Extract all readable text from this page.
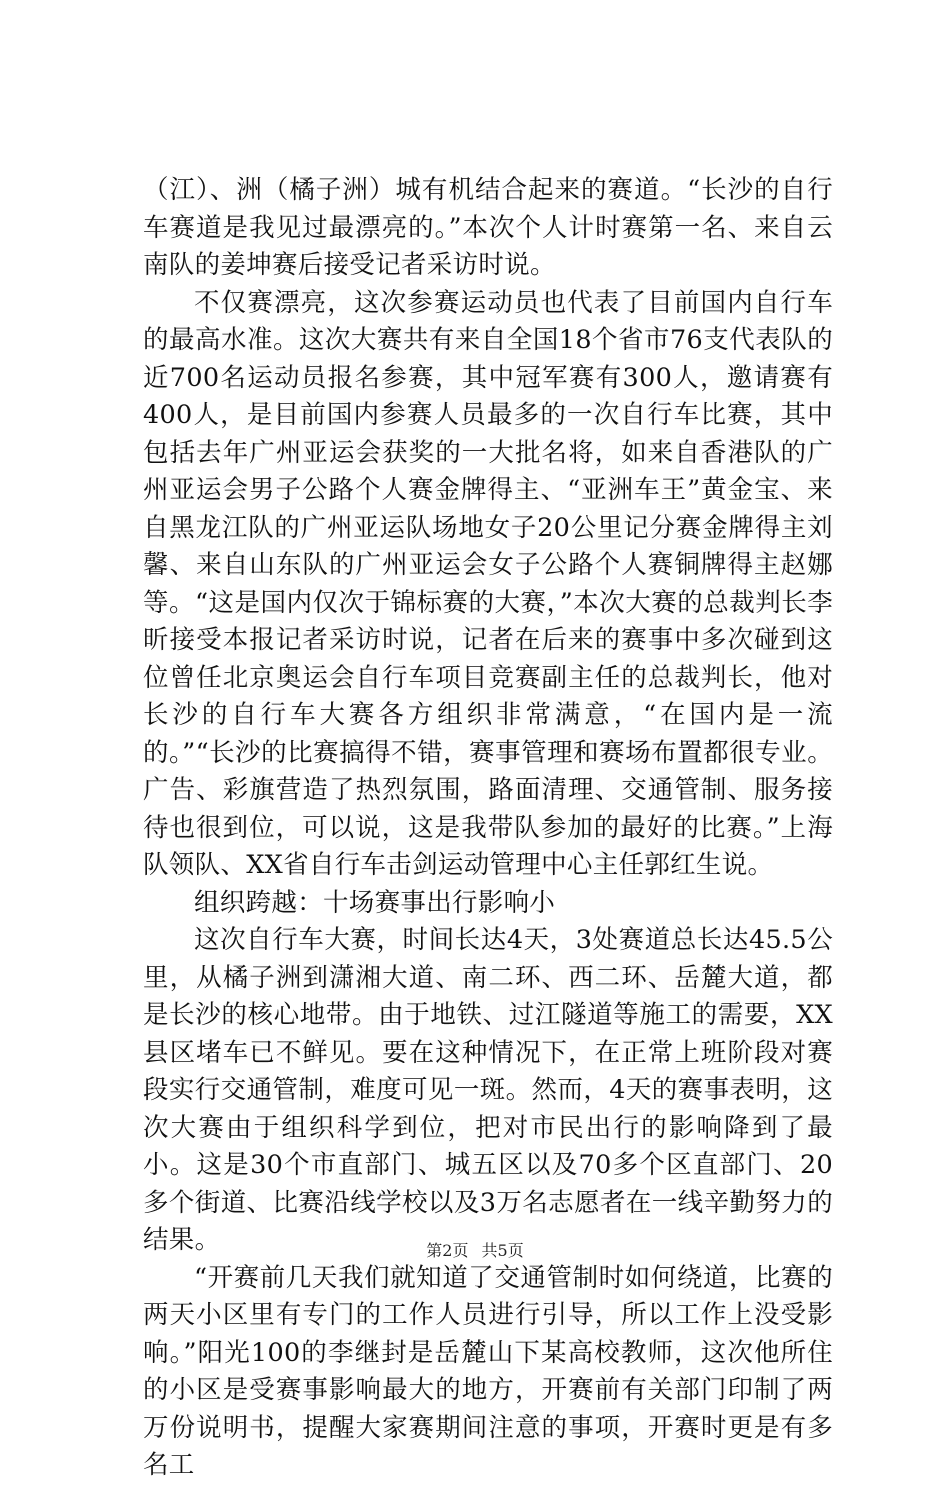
（江）、洲（橘子洲）城有机结合起来的赛道。“长沙的自行车赛道是我见过最漂亮的。”本次个人计时赛第一名、来自云南队的姜坤赛后接受记者采访时说。

不仅赛漂亮，这次参赛运动员也代表了目前国内自行车的最高水准。这次大赛共有来自全国18个省市76支代表队的近700名运动员报名参赛，其中冠军赛有300人，邀请赛有400人，是目前国内参赛人员最多的一次自行车比赛，其中包括去年广州亚运会获奖的一大批名将，如来自香港队的广州亚运会男子公路个人赛金牌得主、“亚洲车王”黄金宝、来自黑龙江队的广州亚运队场地女子20公里记分赛金牌得主刘馨、来自山东队的广州亚运会女子公路个人赛铜牌得主赵娜等。“这是国内仅次于锦标赛的大赛，”本次大赛的总裁判长李昕接受本报记者采访时说，记者在后来的赛事中多次碰到这位曾任北京奥运会自行车项目竞赛副主任的总裁判长，他对长沙的自行车大赛各方组织非常满意，“在国内是一流的。”“长沙的比赛搞得不错，赛事管理和赛场布置都很专业。广告、彩旗营造了热烈氛围，路面清理、交通管制、服务接待也很到位，可以说，这是我带队参加的最好的比赛。”上海队领队、XX省自行车击剑运动管理中心主任郭红生说。

组织跨越：十场赛事出行影响小

这次自行车大赛，时间长达4天，3处赛道总长达45.5公里，从橘子洲到潇湘大道、南二环、西二环、岳麓大道，都是长沙的核心地带。由于地铁、过江隧道等施工的需要，XX县区堵车已不鲜见。要在这种情况下，在正常上班阶段对赛段实行交通管制，难度可见一斑。然而，4天的赛事表明，这次大赛由于组织科学到位，把对市民出行的影响降到了最小。这是30个市直部门、城五区以及70多个区直部门、20多个街道、比赛沿线学校以及3万名志愿者在一线辛勤努力的结果。

“开赛前几天我们就知道了交通管制时如何绕道，比赛的两天小区里有专门的工作人员进行引导，所以工作上没受影响。”阳光100的李继封是岳麓山下某高校教师，这次他所住的小区是受赛事影响最大的地方，开赛前有关部门印制了两万份说明书，提醒大家赛期间注意的事项，开赛时更是有多名工

第2页 共5页
